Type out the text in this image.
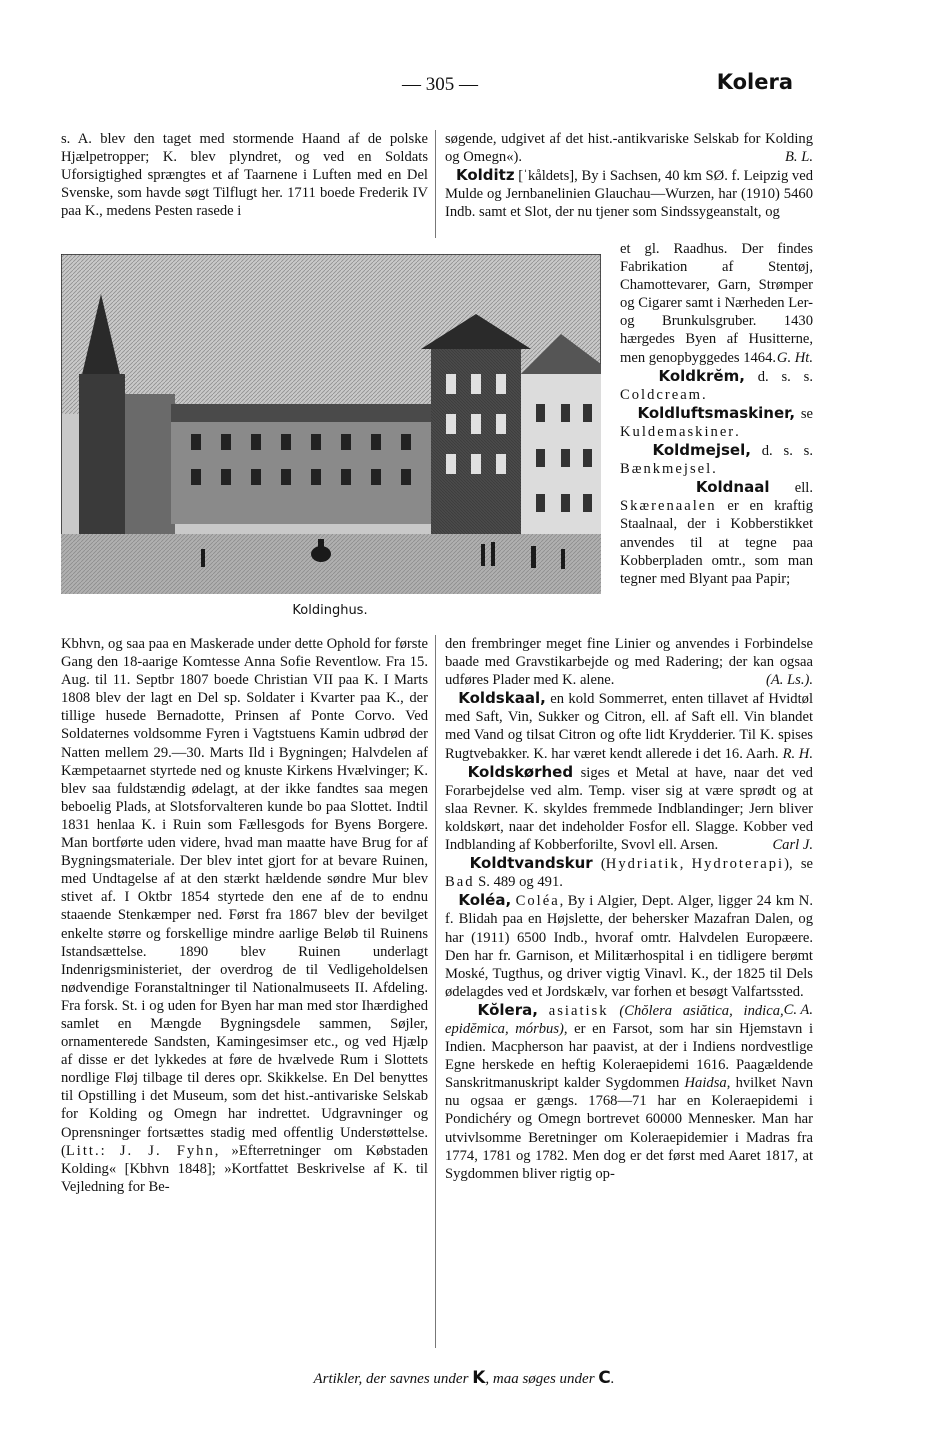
— 305 —	Kolera

s. A. blev den taget med stormende Haand af de polske Hjælpetropper; K. blev plyndret, og ved en Soldats Uforsigtighed sprængtes et af Taarnene i Luften med en Del Svenske, som havde søgt Tilflugt her. 1711 boede Frederik IV paa K., medens Pesten rasede i

Koldinghus.

Kbhvn, og saa paa en Maskerade under dette Ophold for første Gang den 18-aarige Komtesse Anna Sofie Reventlow. Fra 15. Aug. til 11. Septbr 1807 boede Christian VII paa K. I Marts 1808 blev der lagt en Del sp. Soldater i Kvarter paa K., der tillige husede Bernadotte, Prinsen af Ponte Corvo. Ved Soldaternes voldsomme Fyren i Vagtstuens Kamin udbrød der Natten mellem 29.—30. Marts Ild i Bygningen; Halvdelen af Kæmpetaarnet styrtede ned og knuste Kirkens Hvælvinger; K. blev saa fuldstændig ødelagt, at der ikke fandtes saa megen beboelig Plads, at Slotsforvalteren kunde bo paa Slottet. Indtil 1831 henlaa K. i Ruin som Fællesgods for Byens Borgere. Man bortførte uden videre, hvad man maatte have Brug for af Bygningsmateriale. Der blev intet gjort for at bevare Ruinen, med Undtagelse af at den stærkt hældende søndre Mur blev stivet af. I Oktbr 1854 styrtede den ene af de to endnu staaende Stenkæmper ned. Først fra 1867 blev der bevilget enkelte større og forskellige mindre aarlige Beløb til Ruinens Istandsættelse. 1890 blev Ruinen underlagt Indenrigsministeriet, der overdrog de til Vedligeholdelsen nødvendige Foranstaltninger til Nationalmuseets II. Afdeling. Fra forsk. St. i og uden for Byen har man med stor Ihærdighed samlet en Mængde Bygningsdele sammen, Søjler, ornamenterede Sandsten, Kamingesimser etc., og ved Hjælp af disse er det lykkedes at føre de hvælvede Rum i Slottets nordlige Fløj tilbage til deres opr. Skikkelse. En Del benyttes til Opstilling i det Museum, som det hist.-antivariske Selskab for Kolding og Omegn har indrettet. Udgravninger og Oprensninger fortsættes stadig med offentlig Understøttelse. (Litt.: J. J. Fyhn, »Efterretninger om Købstaden Kolding« [Kbhvn 1848]; »Kortfattet Beskrivelse af K. til Vejledning for Be-

søgende, udgivet af det hist.-antikvariske Selskab for Kolding og Omegn«).	B. L.

Kolditz [ˈkåldets], By i Sachsen, 40 km SØ. f. Leipzig ved Mulde og Jernbanelinien Glauchau—Wurzen, har (1910) 5460 Indb. samt et Slot, der nu tjener som Sindssygeanstalt, og

et gl. Raadhus. Der findes Fabrikation af Stentøj, Chamottevarer, Garn, Strømper og Cigarer samt i Nærheden Ler- og Brunkulsgruber. 1430 hærgedes Byen af Husitterne, men genopbyggedes 1464. G. Ht.

Koldkrĕm, d. s. s. Coldcream.

Koldluftsmaskiner, se Kuldemaskiner.

Koldmejsel, d. s. s. Bænkmejsel.

Koldnaal ell. Skærenaalen er en kraftig Staalnaal, der i Kobberstikket anvendes til at tegne paa Kobberpladen omtr., som man tegner med Blyant paa Papir;

den frembringer meget fine Linier og anvendes i Forbindelse baade med Gravstikarbejde og med Radering; der kan ogsaa udføres Plader med K. alene.	(A. Ls.).

Koldskaal, en kold Sommerret, enten tillavet af Hvidtøl med Saft, Vin, Sukker og Citron, ell. af Saft ell. Vin blandet med Vand og tilsat Citron og ofte lidt Krydderier. Til K. spises Rugtvebakker. K. har været kendt allerede i det 16. Aarh. R. H.

Koldskørhed siges et Metal at have, naar det ved Forarbejdelse ved alm. Temp. viser sig at være sprødt og at slaa Revner. K. skyldes fremmede Indblandinger; Jern bliver koldskørt, naar det indeholder Fosfor ell. Slagge. Kobber ved Indblanding af Kobberforilte, Svovl ell. Arsen.	Carl J.

Koldtvandskur (Hydriatik, Hydroterapi), se Bad S. 489 og 491.

Koléa, Coléa, By i Algier, Dept. Alger, ligger 24 km N. f. Blidah paa en Højslette, der behersker Mazafran Dalen, og har (1911) 6500 Indb., hvoraf omtr. Halvdelen Europæere. Den har fr. Garnison, et Militærhospital i en tidligere berømt Moské, Tugthus, og driver vigtig Vinavl. K., der 1825 til Dels ødelagdes ved et Jordskælv, var forhen et besøgt Valfartssted.
C. A.

Kŏlera, asiatisk (Chŏlera asiătica, indica, epidĕmica, mórbus), er en Farsot, som har sin Hjemstavn i Indien. Macpherson har paavist, at der i Indiens nordvestlige Egne herskede en heftig Koleraepidemi 1616. Paagældende Sanskritmanuskript kalder Sygdommen Haidsa, hvilket Navn nu ogsaa er gængs. 1768—71 har en Koleraepidemi i Pondichéry og Omegn bortrevet 60000 Mennesker. Man har utvivlsomme Beretninger om Koleraepidemier i Madras fra 1774, 1781 og 1782. Men dog er det først med Aaret 1817, at Sygdommen bliver rigtig op-

Artikler, der savnes under K, maa søges under C.
